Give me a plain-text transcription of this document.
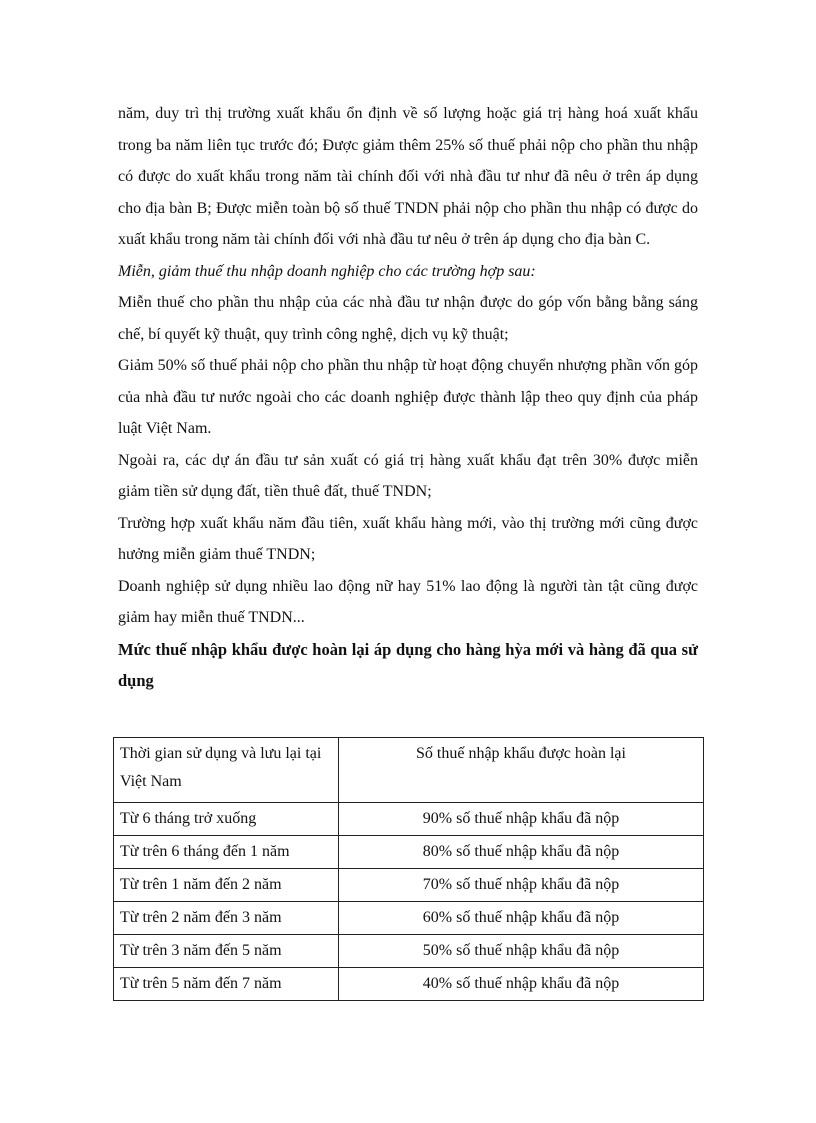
năm, duy trì thị trường xuất khẩu ổn định về số lượng hoặc giá trị hàng hoá xuất khẩu trong ba năm liên tục trước đó; Được giảm thêm 25% số thuế phải nộp cho phần thu nhập có được do xuất khẩu trong năm tài chính đối với nhà đầu tư như đã nêu ở trên áp dụng cho địa bàn B; Được miễn toàn bộ số thuế TNDN phải nộp cho phần thu nhập có được do xuất khẩu trong năm tài chính đối với nhà đầu tư nêu ở trên áp dụng cho địa bàn C.

Miễn, giảm thuế thu nhập doanh nghiệp cho các trường hợp sau:

Miễn thuế cho phần thu nhập của các nhà đầu tư nhận được do góp vốn bằng bằng sáng chế, bí quyết kỹ thuật, quy trình công nghệ, dịch vụ kỹ thuật;

Giảm 50% số thuế phải nộp cho phần thu nhập từ hoạt động chuyển nhượng phần vốn góp của nhà đầu tư nước ngoài cho các doanh nghiệp được thành lập theo quy định của pháp luật Việt Nam.

Ngoài ra, các dự án đầu tư sản xuất có giá trị hàng xuất khẩu đạt trên 30% được miễn giảm tiền sử dụng đất, tiền thuê đất, thuế TNDN;

Trường hợp xuất khẩu năm đầu tiên, xuất khẩu hàng mới, vào thị trường mới cũng được hưởng miễn giảm thuế TNDN;

Doanh nghiệp sử dụng nhiều lao động nữ hay 51% lao động là người tàn tật cũng được giảm hay miễn thuế TNDN...

Mức thuế nhập khẩu được hoàn lại áp dụng cho hàng hỳa mới và hàng đã qua sử dụng

Thời gian sử dụng và lưu lại tại Việt Nam	Số thuế nhập khẩu được hoàn lại
Từ 6 tháng trở xuống	90% số thuế nhập khẩu đã nộp
Từ trên 6 tháng đến 1 năm	80% số thuế nhập khẩu đã nộp
Từ trên 1 năm đến 2 năm	70% số thuế nhập khẩu đã nộp
Từ trên 2 năm đến 3 năm	60% số thuế nhập khẩu đã nộp
Từ trên 3 năm đến 5 năm	50% số thuế nhập khẩu đã nộp
Từ trên 5 năm đến 7 năm	40% số thuế nhập khẩu đã nộp
